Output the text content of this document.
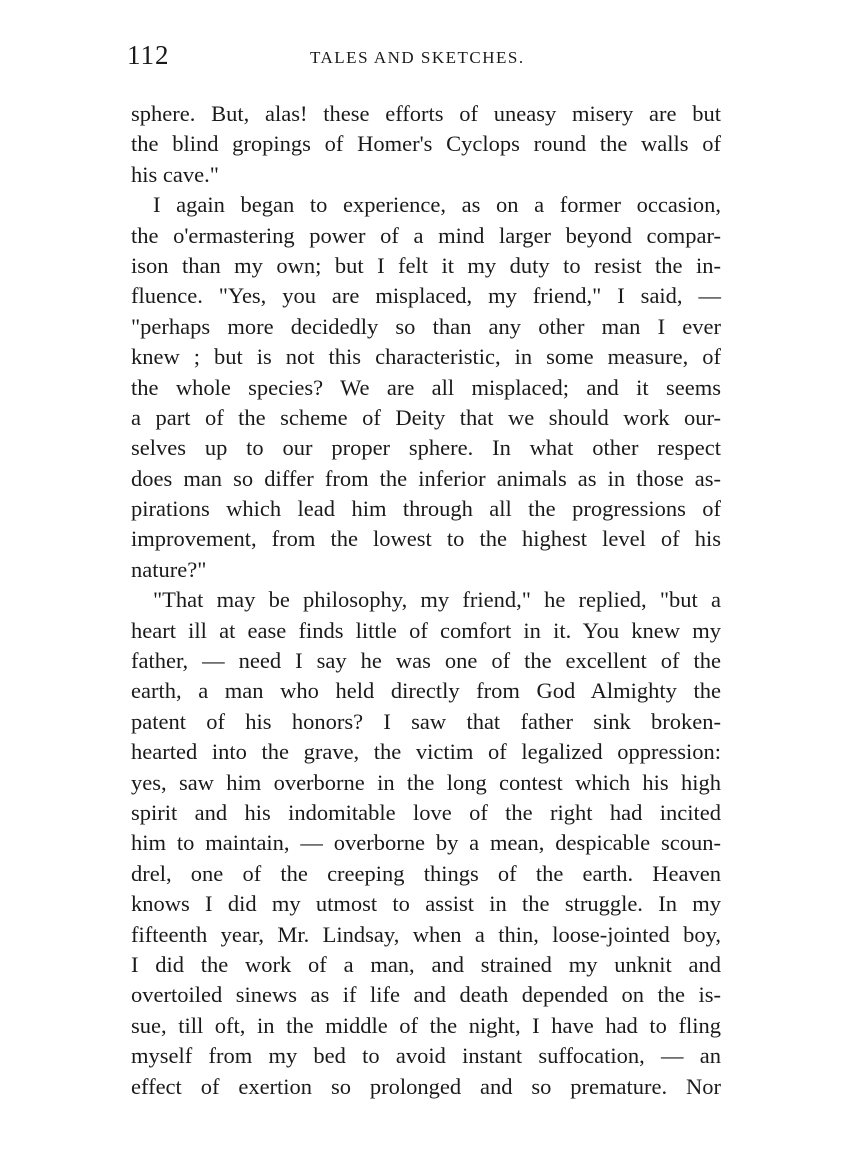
112	TALES AND SKETCHES.
sphere. But, alas! these efforts of uneasy misery are but
the blind gropings of Homer's Cyclops round the walls of
his cave."
I again began to experience, as on a former occasion,
the o'ermastering power of a mind larger beyond compar-
ison than my own; but I felt it my duty to resist the in-
fluence. "Yes, you are misplaced, my friend," I said, —
"perhaps more decidedly so than any other man I ever
knew ; but is not this characteristic, in some measure, of
the whole species? We are all misplaced; and it seems
a part of the scheme of Deity that we should work our-
selves up to our proper sphere. In what other respect
does man so differ from the inferior animals as in those as-
pirations which lead him through all the progressions of
improvement, from the lowest to the highest level of his
nature?"
"That may be philosophy, my friend," he replied, "but a
heart ill at ease finds little of comfort in it. You knew my
father, — need I say he was one of the excellent of the
earth, a man who held directly from God Almighty the
patent of his honors? I saw that father sink broken-
hearted into the grave, the victim of legalized oppression:
yes, saw him overborne in the long contest which his high
spirit and his indomitable love of the right had incited
him to maintain, — overborne by a mean, despicable scoun-
drel, one of the creeping things of the earth. Heaven
knows I did my utmost to assist in the struggle. In my
fifteenth year, Mr. Lindsay, when a thin, loose-jointed boy,
I did the work of a man, and strained my unknit and
overtoiled sinews as if life and death depended on the is-
sue, till oft, in the middle of the night, I have had to fling
myself from my bed to avoid instant suffocation, — an
effect of exertion so prolonged and so premature. Nor
